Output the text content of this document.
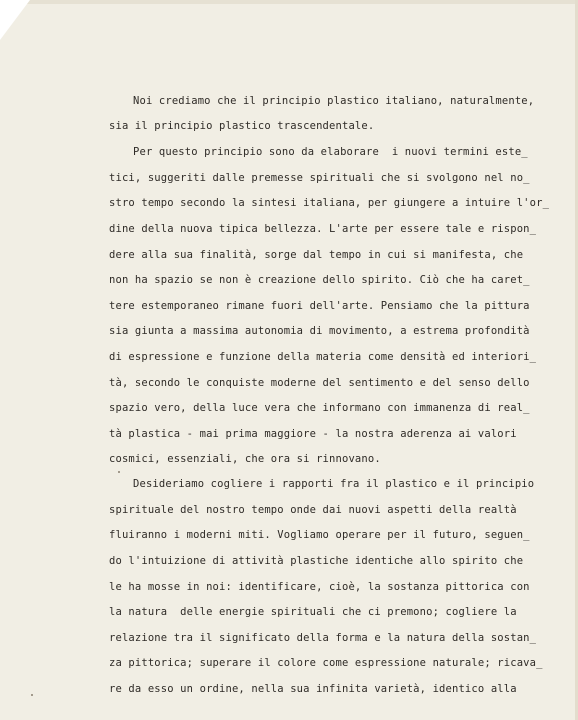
Noi crediamo che il principio plastico italiano, naturalmente,
sia il principio plastico trascendentale.
Per questo principio sono da elaborare  i nuovi termini este_
tici, suggeriti dalle premesse spirituali che si svolgono nel no_
stro tempo secondo la sintesi italiana, per giungere a intuire l'or_
dine della nuova tipica bellezza. L'arte per essere tale e rispon_
dere alla sua finalità, sorge dal tempo in cui si manifesta, che
non ha spazio se non è creazione dello spirito. Ciò che ha caret_
tere estemporaneo rimane fuori dell'arte. Pensiamo che la pittura
sia giunta a massima autonomia di movimento, a estrema profondità
di espressione e funzione della materia come densità ed interiori_
tà, secondo le conquiste moderne del sentimento e del senso dello
spazio vero, della luce vera che informano con immanenza di real_
tà plastica - mai prima maggiore - la nostra aderenza ai valori
cosmici, essenziali, che ora si rinnovano.
Desideriamo cogliere i rapporti fra il plastico e il principio
spirituale del nostro tempo onde dai nuovi aspetti della realtà
fluiranno i moderni miti. Vogliamo operare per il futuro, seguen_
do l'intuizione di attività plastiche identiche allo spirito che
le ha mosse in noi: identificare, cioè, la sostanza pittorica con
la natura  delle energie spirituali che ci premono; cogliere la
relazione tra il significato della forma e la natura della sostan_
za pittorica; superare il colore come espressione naturale; ricava_
re da esso un ordine, nella sua infinita varietà, identico alla
